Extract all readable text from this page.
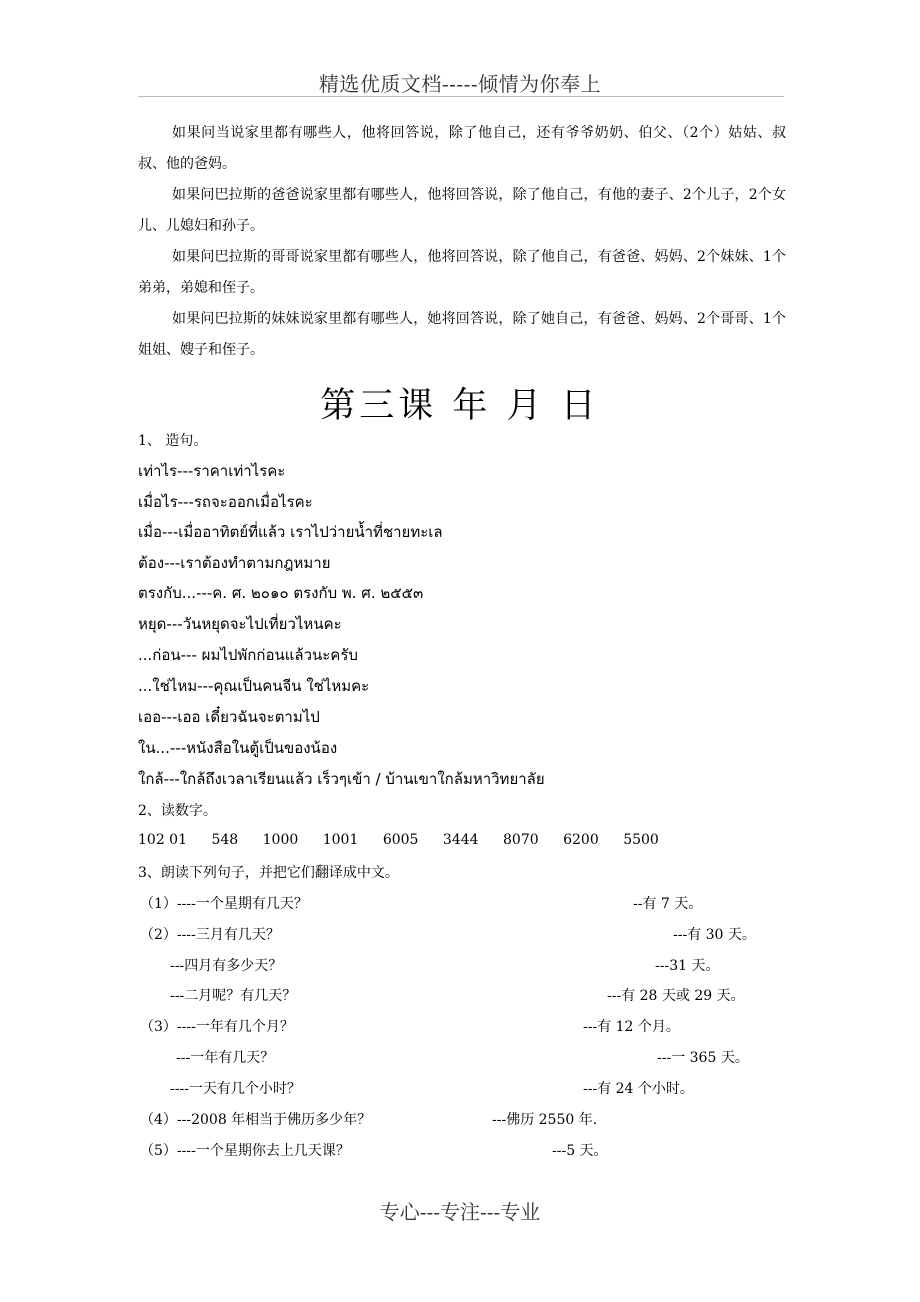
精选优质文档-----倾情为你奉上

如果问当说家里都有哪些人，他将回答说，除了他自己，还有爷爷奶奶、伯父、（2个）姑姑、叔叔、他的爸妈。

如果问巴拉斯的爸爸说家里都有哪些人，他将回答说，除了他自己，有他的妻子、2个儿子，2个女儿、儿媳妇和孙子。

如果问巴拉斯的哥哥说家里都有哪些人，他将回答说，除了他自己，有爸爸、妈妈、2个妹妹、1个弟弟，弟媳和侄子。

如果问巴拉斯的妹妹说家里都有哪些人，她将回答说，除了她自己，有爸爸、妈妈、2个哥哥、1个姐姐、嫂子和侄子。

第三课 年 月 日
1、 造句。
เท่าไร---ราคาเท่าไรคะ
เมื่อไร---รถจะออกเมื่อไรคะ
เมื่อ---เมื่ออาทิตย์ที่แล้ว เราไปว่ายน้ำที่ชายทะเล
ต้อง---เราต้องทำตามกฎหมาย
ตรงกับ...---ค. ศ. ๒๐๑๐ ตรงกับ พ. ศ. ๒๕๕๓
หยุด---วันหยุดจะไปเที่ยวไหนคะ
...ก่อน--- ผมไปพักก่อนแล้วนะครับ
...ใช่ไหม---คุณเป็นคนจีน ใช่ไหมคะ
เออ---เออ เดี๋ยวฉันจะตามไป
ใน...---หนังสือในตู้เป็นของน้อง
ใกล้---ใกล้ถึงเวลาเรียนแล้ว เร็วๆเข้า / บ้านเขาใกล้มหาวิทยาลัย
2、读数字。
102 01 548 1000 1001 6005 3444 8070 6200 5500
3、朗读下列句子，并把它们翻译成中文。
（1）----一个星期有几天？	--有 7 天。
（2）----三月有几天？	---有 30 天。
---四月有多少天？	---31 天。
---二月呢？有几天？	---有 28 天或 29 天。
（3）----一年有几个月？	---有 12 个月。
---一年有几天？	---一 365 天。
----一天有几个小时？	---有 24 个小时。
（4）---2008 年相当于佛历多少年？	---佛历 2550 年.
（5）----一个星期你去上几天课？	---5 天。
专心---专注---专业
